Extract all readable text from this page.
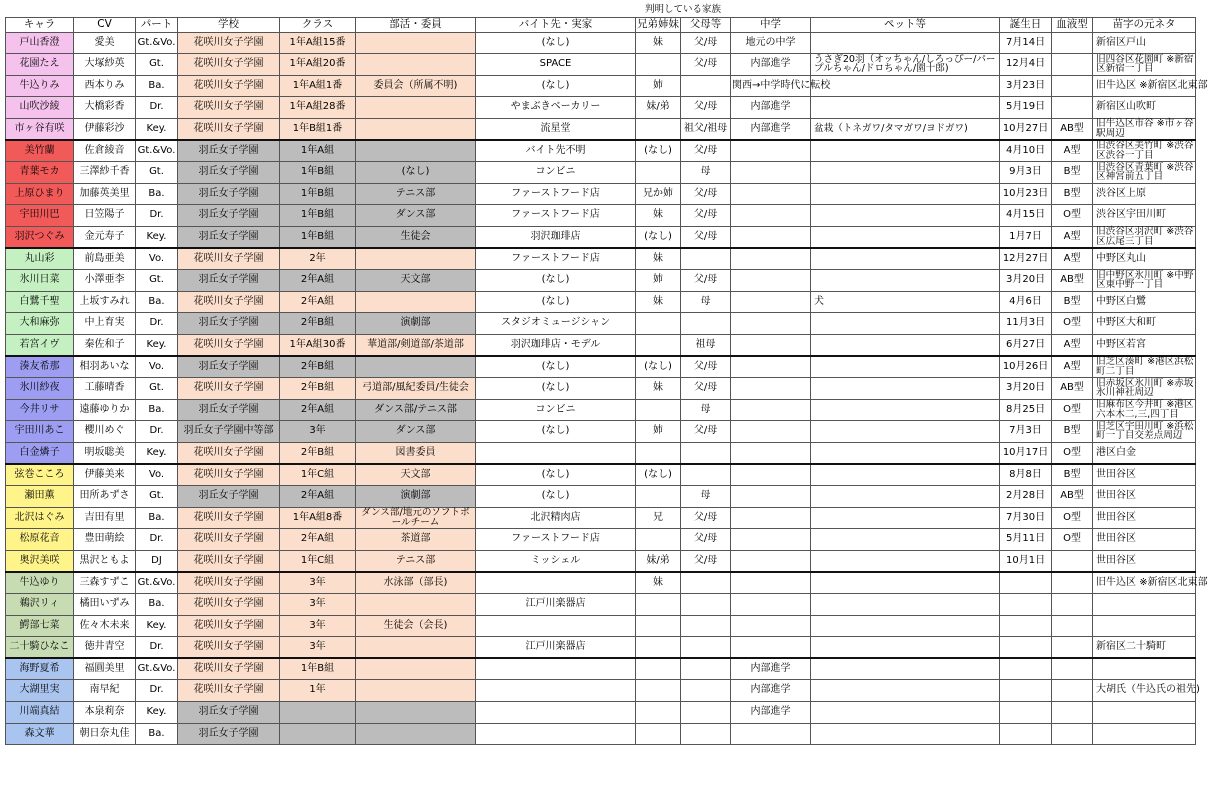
							判明している家族						
キャラ	CV	パート	学校	クラス	部活・委員	バイト先・実家	兄弟姉妹	父母等	中学	ペット等	誕生日	血液型	苗字の元ネタ
戸山香澄	愛美	Gt.&Vo.	花咲川女子学園	1年A組15番		(なし)	妹	父/母	地元の中学		7月14日		新宿区戸山
花園たえ	大塚紗英	Gt.	花咲川女子学園	1年A組20番		SPACE		父/母	内部進学	うさぎ20羽（オッちゃん/しろっぴー/パープルちゃん/ドロちゃん/園十郎)	12月4日		旧四谷区花園町 ※新宿区新宿一丁目
牛込りみ	西本りみ	Ba.	花咲川女子学園	1年A組1番	委員会（所属不明)	(なし)	姉		関西→中学時代に転校		3月23日		旧牛込区 ※新宿区北東部
山吹沙綾	大橋彩香	Dr.	花咲川女子学園	1年A組28番		やまぶきベーカリー	妹/弟	父/母	内部進学		5月19日		新宿区山吹町
市ヶ谷有咲	伊藤彩沙	Key.	花咲川女子学園	1年B組1番		流星堂		祖父/祖母	内部進学	盆栽（トネガワ/タマガワ/ヨドガワ)	10月27日	AB型	旧牛込区市谷 ※市ヶ谷駅周辺
美竹蘭	佐倉綾音	Gt.&Vo.	羽丘女子学園	1年A組		バイト先不明	(なし)	父/母			4月10日	A型	旧渋谷区美竹町 ※渋谷区渋谷一丁目
青葉モカ	三澤紗千香	Gt.	羽丘女子学園	1年B組	(なし)	コンビニ		母			9月3日	B型	旧渋谷区青葉町 ※渋谷区神宮前五丁目
上原ひまり	加藤英美里	Ba.	羽丘女子学園	1年B組	テニス部	ファーストフード店	兄か姉	父/母			10月23日	B型	渋谷区上原
宇田川巴	日笠陽子	Dr.	羽丘女子学園	1年B組	ダンス部	ファーストフード店	妹	父/母			4月15日	O型	渋谷区宇田川町
羽沢つぐみ	金元寿子	Key.	羽丘女子学園	1年B組	生徒会	羽沢珈琲店	(なし)	父/母			1月7日	A型	旧渋谷区羽沢町 ※渋谷区広尾三丁目
丸山彩	前島亜美	Vo.	花咲川女子学園	2年		ファーストフード店	妹				12月27日	A型	中野区丸山
氷川日菜	小澤亜李	Gt.	羽丘女子学園	2年A組	天文部	(なし)	姉	父/母			3月20日	AB型	旧中野区氷川町 ※中野区東中野一丁目
白鷺千聖	上坂すみれ	Ba.	花咲川女子学園	2年A組		(なし)	妹	母		犬	4月6日	B型	中野区白鷺
大和麻弥	中上育実	Dr.	羽丘女子学園	2年B組	演劇部	スタジオミュージシャン					11月3日	O型	中野区大和町
若宮イヴ	秦佐和子	Key.	花咲川女子学園	1年A組30番	華道部/剣道部/茶道部	羽沢珈琲店・モデル		祖母			6月27日	A型	中野区若宮
湊友希那	相羽あいな	Vo.	羽丘女子学園	2年B組		(なし)	(なし)	父/母			10月26日	A型	旧芝区湊町 ※港区浜松町二丁目
氷川紗夜	工藤晴香	Gt.	花咲川女子学園	2年B組	弓道部/風紀委員/生徒会	(なし)	妹	父/母			3月20日	AB型	旧赤坂区氷川町 ※赤坂氷川神社周辺
今井リサ	遠藤ゆりか	Ba.	羽丘女子学園	2年A組	ダンス部/テニス部	コンビニ		母			8月25日	O型	旧麻布区今井町 ※港区六本木二,三,四丁目
宇田川あこ	櫻川めぐ	Dr.	羽丘女子学園中等部	3年	ダンス部	(なし)	姉	父/母			7月3日	B型	旧芝区宇田川町 ※浜松町一丁目交差点周辺
白金燐子	明坂聡美	Key.	花咲川女子学園	2年B組	図書委員						10月17日	O型	港区白金
弦巻こころ	伊藤美来	Vo.	花咲川女子学園	1年C組	天文部	(なし)	(なし)				8月8日	B型	世田谷区
瀬田薫	田所あずさ	Gt.	羽丘女子学園	2年A組	演劇部	(なし)		母			2月28日	AB型	世田谷区
北沢はぐみ	吉田有里	Ba.	花咲川女子学園	1年A組8番	ダンス部/地元のソフトボールチーム	北沢精肉店	兄	父/母			7月30日	O型	世田谷区
松原花音	豊田萌絵	Dr.	花咲川女子学園	2年A組	茶道部	ファーストフード店		父/母			5月11日	O型	世田谷区
奥沢美咲	黒沢ともよ	DJ	花咲川女子学園	1年C組	テニス部	ミッシェル	妹/弟	父/母			10月1日		世田谷区
牛込ゆり	三森すずこ	Gt.&Vo.	花咲川女子学園	3年	水泳部（部長)		妹						旧牛込区 ※新宿区北東部
鵜沢リィ	橘田いずみ	Ba.	花咲川女子学園	3年		江戸川楽器店							
鰐部七菜	佐々木未来	Key.	花咲川女子学園	3年	生徒会（会長)								
二十騎ひなこ	徳井青空	Dr.	花咲川女子学園	3年		江戸川楽器店							新宿区二十騎町
海野夏希	福圓美里	Gt.&Vo.	花咲川女子学園	1年B組					内部進学				
大湖里実	南早紀	Dr.	花咲川女子学園	1年					内部進学				大胡氏（牛込氏の祖先)
川端真結	本泉莉奈	Key.	羽丘女子学園						内部進学				
森文華	朝日奈丸佳	Ba.	羽丘女子学園										
